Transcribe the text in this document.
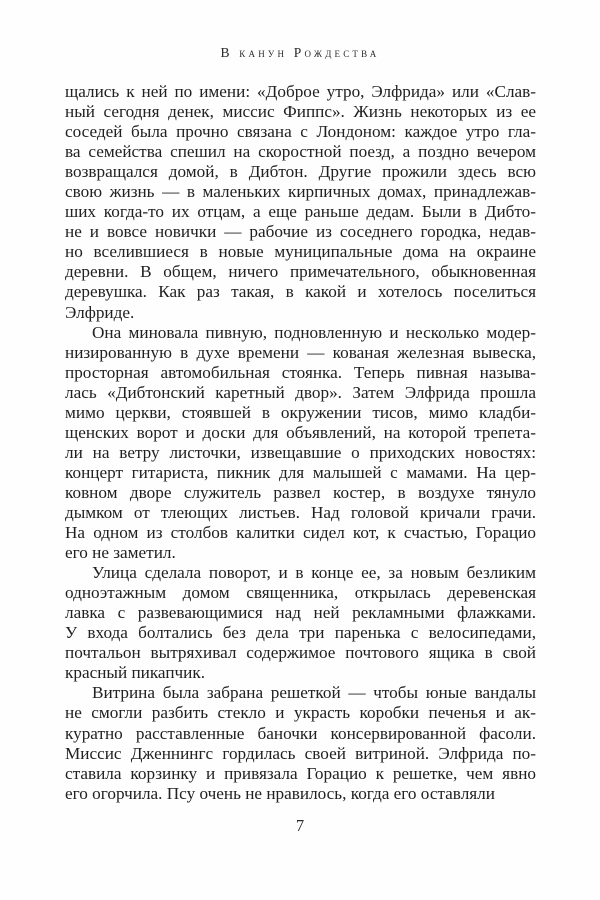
В канун Рождества

щались к ней по имени: «Доброе утро, Элфрида» или «Слав-
ный сегодня денек, миссис Фиппс». Жизнь некоторых из ее
соседей была прочно связана с Лондоном: каждое утро гла-
ва семейства спешил на скоростной поезд, а поздно вечером
возвращался домой, в Дибтон. Другие прожили здесь всю
свою жизнь — в маленьких кирпичных домах, принадлежав-
ших когда-то их отцам, а еще раньше дедам. Были в Дибто-
не и вовсе новички — рабочие из соседнего городка, недав-
но вселившиеся в новые муниципальные дома на окраине
деревни. В общем, ничего примечательного, обыкновенная
деревушка. Как раз такая, в какой и хотелось поселиться
Элфриде.

Она миновала пивную, подновленную и несколько модер-
низированную в духе времени — кованая железная вывеска,
просторная автомобильная стоянка. Теперь пивная называ-
лась «Дибтонский каретный двор». Затем Элфрида прошла
мимо церкви, стоявшей в окружении тисов, мимо кладби-
щенских ворот и доски для объявлений, на которой трепета-
ли на ветру листочки, извещавшие о приходских новостях:
концерт гитариста, пикник для малышей с мамами. На цер-
ковном дворе служитель развел костер, в воздухе тянуло
дымком от тлеющих листьев. Над головой кричали грачи.
На одном из столбов калитки сидел кот, к счастью, Горацио
его не заметил.

Улица сделала поворот, и в конце ее, за новым безликим
одноэтажным домом священника, открылась деревенская
лавка с развевающимися над ней рекламными флажками.
У входа болтались без дела три паренька с велосипедами,
почтальон вытряхивал содержимое почтового ящика в свой
красный пикапчик.

Витрина была забрана решеткой — чтобы юные вандалы
не смогли разбить стекло и украсть коробки печенья и ак-
куратно расставленные баночки консервированной фасоли.
Миссис Дженнингс гордилась своей витриной. Элфрида по-
ставила корзинку и привязала Горацио к решетке, чем явно
его огорчила. Псу очень не нравилось, когда его оставляли

7
